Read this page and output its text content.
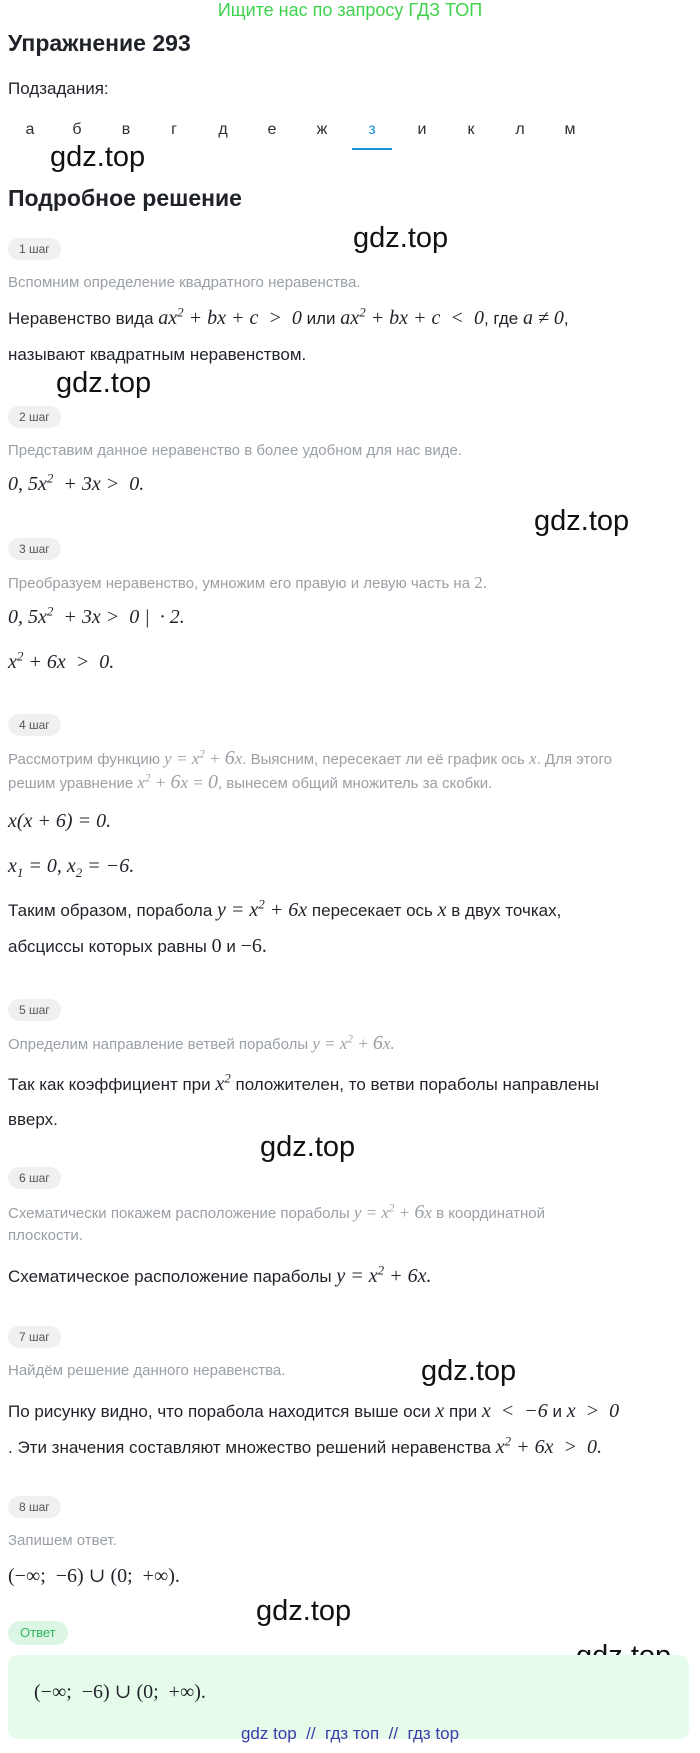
Ищите нас по запросу ГДЗ ТОП
Упражнение 293
Подзадания:
а	б	в	г	д	е	ж	з	и	к	л	м
gdz.top
gdz.top
gdz.top
gdz.top
gdz.top
gdz.top
gdz.top
Подробное решение
1 шаг
Вспомним определение квадратного неравенства.
Неравенство вида $ax^2$ + bx + c  >  0 или $ax^2$ + bx + c  <  0, где a ≠ 0,
называют квадратным неравенством.
2 шаг
Представим данное неравенство в более удобном для нас виде.
0, $5x^2 + 3x > 0$.
3 шаг
Преобразуем неравенство, умножим его правую и левую часть на 2.
0, $5x^2 + 3x > 0$ |  · 2.
$x^2 + 6x > 0$.
4 шаг
Рассмотрим функцию $y = x^2 + 6x$. Выясним, пересекает ли её график ось x. Для этого
решим уравнение $x^2 + 6x = 0$, вынесем общий множитель за скобки.
x(x + 6) = 0.
$x_1 = 0$, $x_2 = -6$.
Таким образом, порабола $y = x^2 + 6x$ пересекает ось x в двух точках,
абсциссы которых равны 0 и −6.
5 шаг
Определим направление ветвей пораболы $y = x^2 + 6x$.
Так как коэффициент при $x^2$ положителен, то ветви пораболы направлены
вверх.
6 шаг
Схематически покажем расположение пораболы $y = x^2 + 6x$ в координатной
плоскости.
Схематическое расположение параболы $y = x^2 + 6x$.
7 шаг
Найдём решение данного неравенства.
По рисунку видно, что порабола находится выше оси x при x  <  −6 и x  >  0
. Эти значения составляют множество решений неравенства $x^2 + 6x > 0$.
8 шаг
Запишем ответ.
(−∞;  −6) ∪ (0;  +∞).
Ответ
(−∞;  −6) ∪ (0;  +∞).
gdz top  //  гдз топ  //  гдз top
